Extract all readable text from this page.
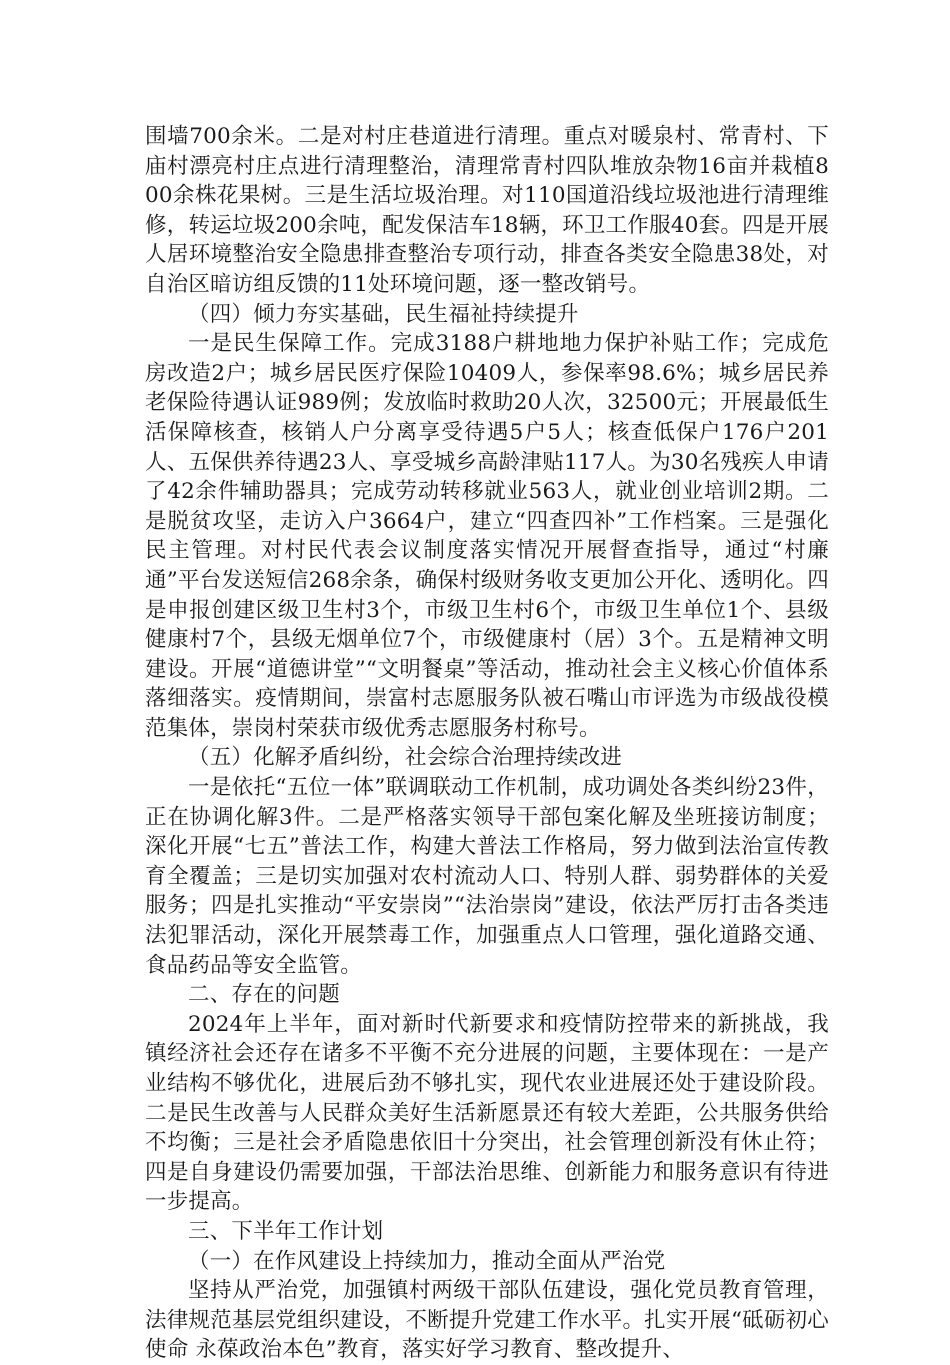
围墙700余米。二是对村庄巷道进行清理。重点对暖泉村、常青村、下庙村漂亮村庄点进行清理整治，清理常青村四队堆放杂物16亩并栽植800余株花果树。三是生活垃圾治理。对110国道沿线垃圾池进行清理维修，转运垃圾200余吨，配发保洁车18辆，环卫工作服40套。四是开展人居环境整治安全隐患排查整治专项行动，排查各类安全隐患38处，对自治区暗访组反馈的11处环境问题，逐一整改销号。

（四）倾力夯实基础，民生福祉持续提升

一是民生保障工作。完成3188户耕地地力保护补贴工作；完成危房改造2户；城乡居民医疗保险10409人，参保率98.6%；城乡居民养老保险待遇认证989例；发放临时救助20人次，32500元；开展最低生活保障核查，核销人户分离享受待遇5户5人；核查低保户176户201人、五保供养待遇23人、享受城乡高龄津贴117人。为30名残疾人申请了42余件辅助器具；完成劳动转移就业563人，就业创业培训2期。二是脱贫攻坚，走访入户3664户，建立“四查四补”工作档案。三是强化民主管理。对村民代表会议制度落实情况开展督查指导，通过“村廉通”平台发送短信268余条，确保村级财务收支更加公开化、透明化。四是申报创建区级卫生村3个，市级卫生村6个，市级卫生单位1个、县级健康村7个，县级无烟单位7个，市级健康村（居）3个。五是精神文明建设。开展“道德讲堂”“文明餐桌”等活动，推动社会主义核心价值体系落细落实。疫情期间，崇富村志愿服务队被石嘴山市评选为市级战役模范集体，崇岗村荣获市级优秀志愿服务村称号。

（五）化解矛盾纠纷，社会综合治理持续改进

一是依托“五位一体”联调联动工作机制，成功调处各类纠纷23件，正在协调化解3件。二是严格落实领导干部包案化解及坐班接访制度；深化开展“七五”普法工作，构建大普法工作格局，努力做到法治宣传教育全覆盖；三是切实加强对农村流动人口、特别人群、弱势群体的关爱服务；四是扎实推动“平安崇岗”“法治崇岗”建设，依法严厉打击各类违法犯罪活动，深化开展禁毒工作，加强重点人口管理，强化道路交通、食品药品等安全监管。

二、存在的问题

2024年上半年，面对新时代新要求和疫情防控带来的新挑战，我镇经济社会还存在诸多不平衡不充分进展的问题，主要体现在：一是产业结构不够优化，进展后劲不够扎实，现代农业进展还处于建设阶段。二是民生改善与人民群众美好生活新愿景还有较大差距，公共服务供给不均衡；三是社会矛盾隐患依旧十分突出，社会管理创新没有休止符；四是自身建设仍需要加强，干部法治思维、创新能力和服务意识有待进一步提高。

三、下半年工作计划

（一）在作风建设上持续加力，推动全面从严治党

坚持从严治党，加强镇村两级干部队伍建设，强化党员教育管理，法律规范基层党组织建设，不断提升党建工作水平。扎实开展“砥砺初心使命 永葆政治本色”教育，落实好学习教育、整改提升、
